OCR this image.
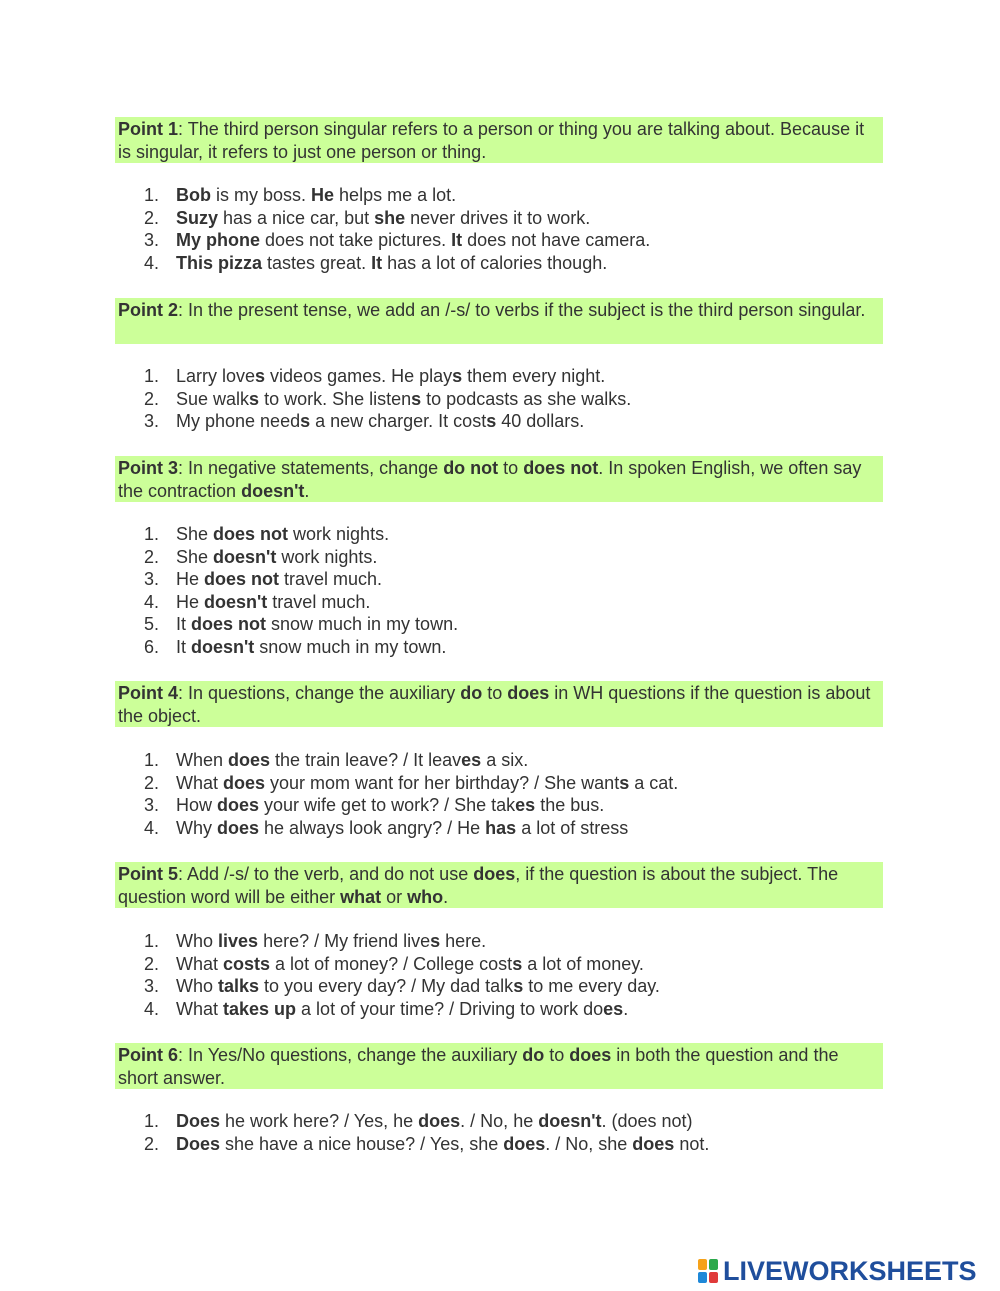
Point 1: The third person singular refers to a person or thing you are talking about. Because it is singular, it refers to just one person or thing.
1. Bob is my boss. He helps me a lot.
2. Suzy has a nice car, but she never drives it to work.
3. My phone does not take pictures. It does not have camera.
4. This pizza tastes great. It has a lot of calories though.
Point 2: In the present tense, we add an /-s/ to verbs if the subject is the third person singular.
1. Larry loves videos games. He plays them every night.
2. Sue walks to work. She listens to podcasts as she walks.
3. My phone needs a new charger. It costs 40 dollars.
Point 3: In negative statements, change do not to does not. In spoken English, we often say the contraction doesn't.
1. She does not work nights.
2. She doesn't work nights.
3. He does not travel much.
4. He doesn't travel much.
5. It does not snow much in my town.
6. It doesn't snow much in my town.
Point 4: In questions, change the auxiliary do to does in WH questions if the question is about the object.
1. When does the train leave? / It leaves a six.
2. What does your mom want for her birthday? / She wants a cat.
3. How does your wife get to work? / She takes the bus.
4. Why does he always look angry? / He has a lot of stress
Point 5: Add /-s/ to the verb, and do not use does, if the question is about the subject. The question word will be either what or who.
1. Who lives here? / My friend lives here.
2. What costs a lot of money? / College costs a lot of money.
3. Who talks to you every day? / My dad talks to me every day.
4. What takes up a lot of your time? / Driving to work does.
Point 6: In Yes/No questions, change the auxiliary do to does in both the question and the short answer.
1. Does he work here? / Yes, he does. / No, he doesn't. (does not)
2. Does she have a nice house? / Yes, she does. / No, she does not.
LIVEWORKSHEETS
